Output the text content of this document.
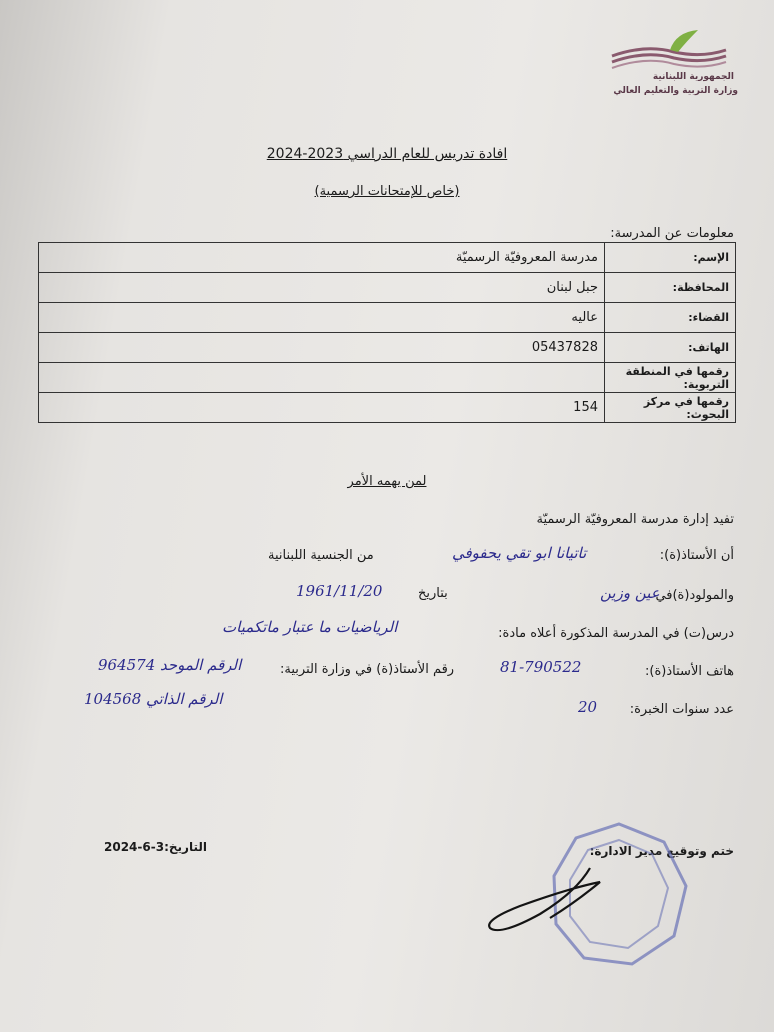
الجمهورية اللبنانية
وزارة التربية والتعليم العالي
افادة تدريس للعام الدراسي 2023-2024
(خاص للإمتحانات الرسمية)
معلومات عن المدرسة:
مدرسة المعروفيّة الرسميّة	الإسم:
جبل لبنان	المحافظة:
عاليه	القضاء:
05437828	الهاتف:
	رقمها في المنطقة التربوية:
154	رقمها في مركز البحوث:
لمن يهمه الأمر
تفيد إدارة مدرسة المعروفيّة الرسميّة
أن الأستاذ(ة):
تاتيانا ابو تقي يحفوفي
من الجنسية اللبنانية
والمولود(ة)في
عين وزين
بتاريخ
1961/11/20
درس(ت) في المدرسة المذكورة أعلاه مادة:
الرياضيات ما عتبار ماتكميات
هاتف الأستاذ(ة):
81-790522
رقم الأستاذ(ة) في وزارة التربية:
الرقم الموحد 964574
الرقم الذاتي 104568
عدد سنوات الخبرة:
20
التاريخ:3-6-2024	ختم وتوقيع مدير الادارة:
